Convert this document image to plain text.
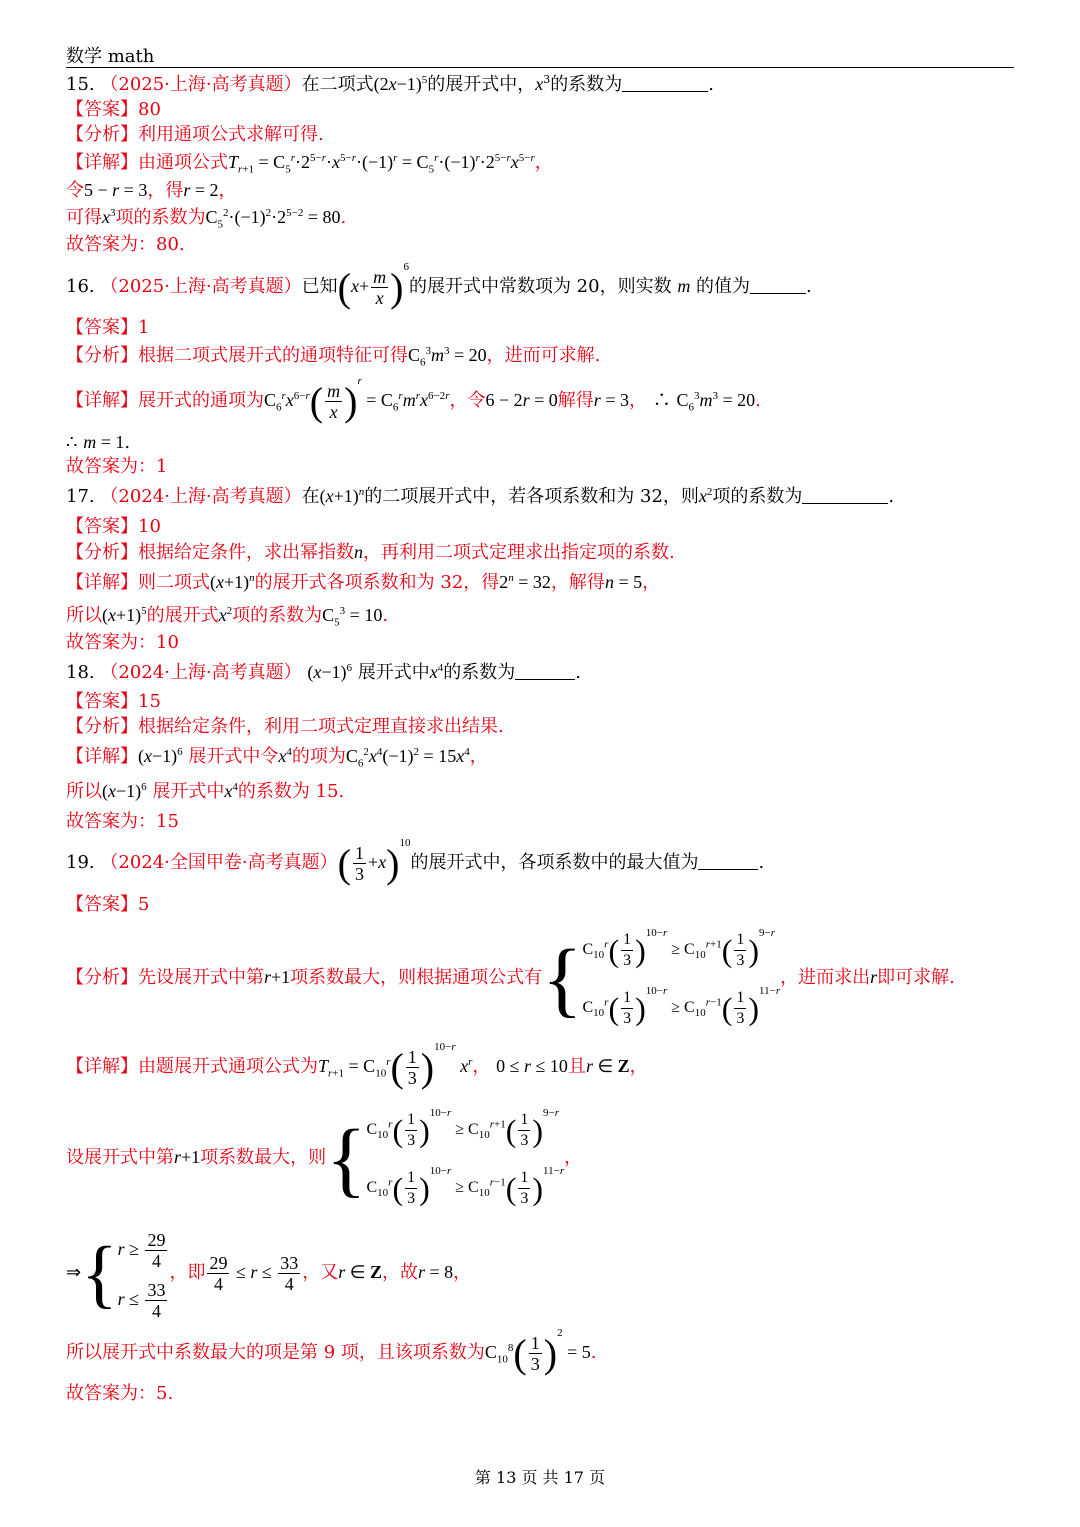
数学 math
15. （2025·上海·高考真题）在二项式$(2x-1)^5$的展开式中，$x^3$的系数为	.
【答案】80
【分析】利用通项公式求解可得.
【详解】由通项公式$T_{r+1} = C_5^r\cdot 2^{5-r}\cdot x^{5-r}\cdot(-1)^r = C_5^r\cdot(-1)^r\cdot 2^{5-r}x^{5-r}$，
令5 − r = 3，得r = 2，
可得$x^3$项的系数为$C_5^2\cdot(-1)^2\cdot 2^{5-2} = 80$.
故答案为：80.
16. （2025·上海·高考真题）已知$(x+ \frac{m}{x} )^6$的展开式中常数项为 20，则实数 m 的值为	.
【答案】1
【分析】根据二项式展开式的通项特征可得$C_6^3m^3 = 20$，进而可求解.
【详解】展开式的通项为$C_6^rx^{6-r}( \frac{m}{x} )^r = C_6^rm^rx^{6-2r}$，令6 − 2r = 0解得r = 3， ∴ $C_6^3m^3 = 20$.
∴ m = 1.
故答案为：1
17. （2024·上海·高考真题）在$(x+1)^n$的二项展开式中，若各项系数和为 32，则$x^2$项的系数为	.
【答案】10
【分析】根据给定条件，求出幂指数n，再利用二项式定理求出指定项的系数.
【详解】则二项式$(x+1)^n$的展开式各项系数和为 32，得$2^n = 32$，解得n = 5，
所以$(x+1)^5$的展开式$x^2$项的系数为$C_5^3 = 10$.
故答案为：10
18. （2024·上海·高考真题） $(x-1)^6$ 展开式中$x^4$的系数为	.
【答案】15
【分析】根据给定条件，利用二项式定理直接求出结果.
【详解】$(x-1)^6$ 展开式中令$x^4$的项为$C_6^2x^4(-1)^2 = 15x^4$，
所以$(x-1)^6$ 展开式中$x^4$的系数为 15.
故答案为：15
19. （2024·全国甲卷·高考真题）( $\frac{1}{3} +x)^{10}$的展开式中，各项系数中的最大值为	.
【答案】5
【分析】先设展开式中第r+1项系数最大，则根据通项公式有{ $C_{10}^r( \frac{1}{3} )^{10-r} \ge C_{10}^{r+1}( \frac{1}{3} )^{9-r}$
$C_{10}^r( \frac{1}{3} )^{10-r} \ge C_{10}^{r-1}( \frac{1}{3} )^{11-r}$
，进而求出r即可求解.
【详解】由题展开式通项公式为$T_{r+1} = C_{10}^r( \frac{1}{3} )^{10-r}$ $x^r$， 0 ≤ r ≤ 10且r ∈ Z，
设展开式中第r+1项系数最大，则{ $C_{10}^r( \frac{1}{3} )^{10-r} \ge C_{10}^{r+1}( \frac{1}{3} )^{9-r}$
$C_{10}^r( \frac{1}{3} )^{10-r} \ge C_{10}^{r-1}( \frac{1}{3} )^{11-r}$
，
⇒{ $r \ge \frac{29}{4}$
$r \le \frac{33}{4}$
，即 $\frac{29}{4} \le r \le \frac{33}{4}$ ，又r ∈ Z，故r = 8，
所以展开式中系数最大的项是第 9 项，且该项系数为$C_{10}^8( \frac{1}{3} )^2 = 5$.
故答案为：5.
第 13 页 共 17 页
